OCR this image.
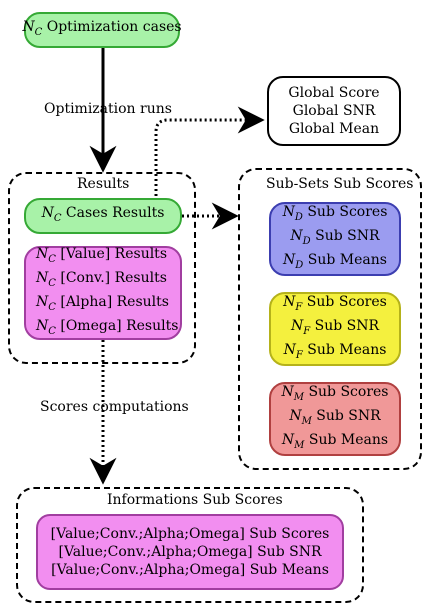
$N_C$ Optimization cases
Optimization runs
Global Score
Global SNR
Global Mean
Results
$N_C$ Cases Results
$N_C$ [Value] Results
$N_C$ [Conv.] Results
$N_C$ [Alpha] Results
$N_C$ [Omega] Results
Sub-Sets Sub Scores
$N_D$ Sub Scores
$N_D$ Sub SNR
$N_D$ Sub Means
$N_F$ Sub Scores
$N_F$ Sub SNR
$N_F$ Sub Means
$N_M$ Sub Scores
$N_M$ Sub SNR
$N_M$ Sub Means
Scores computations
Informations Sub Scores
[Value;Conv.;Alpha;Omega] Sub Scores
[Value;Conv.;Alpha;Omega] Sub SNR
[Value;Conv.;Alpha;Omega] Sub Means
